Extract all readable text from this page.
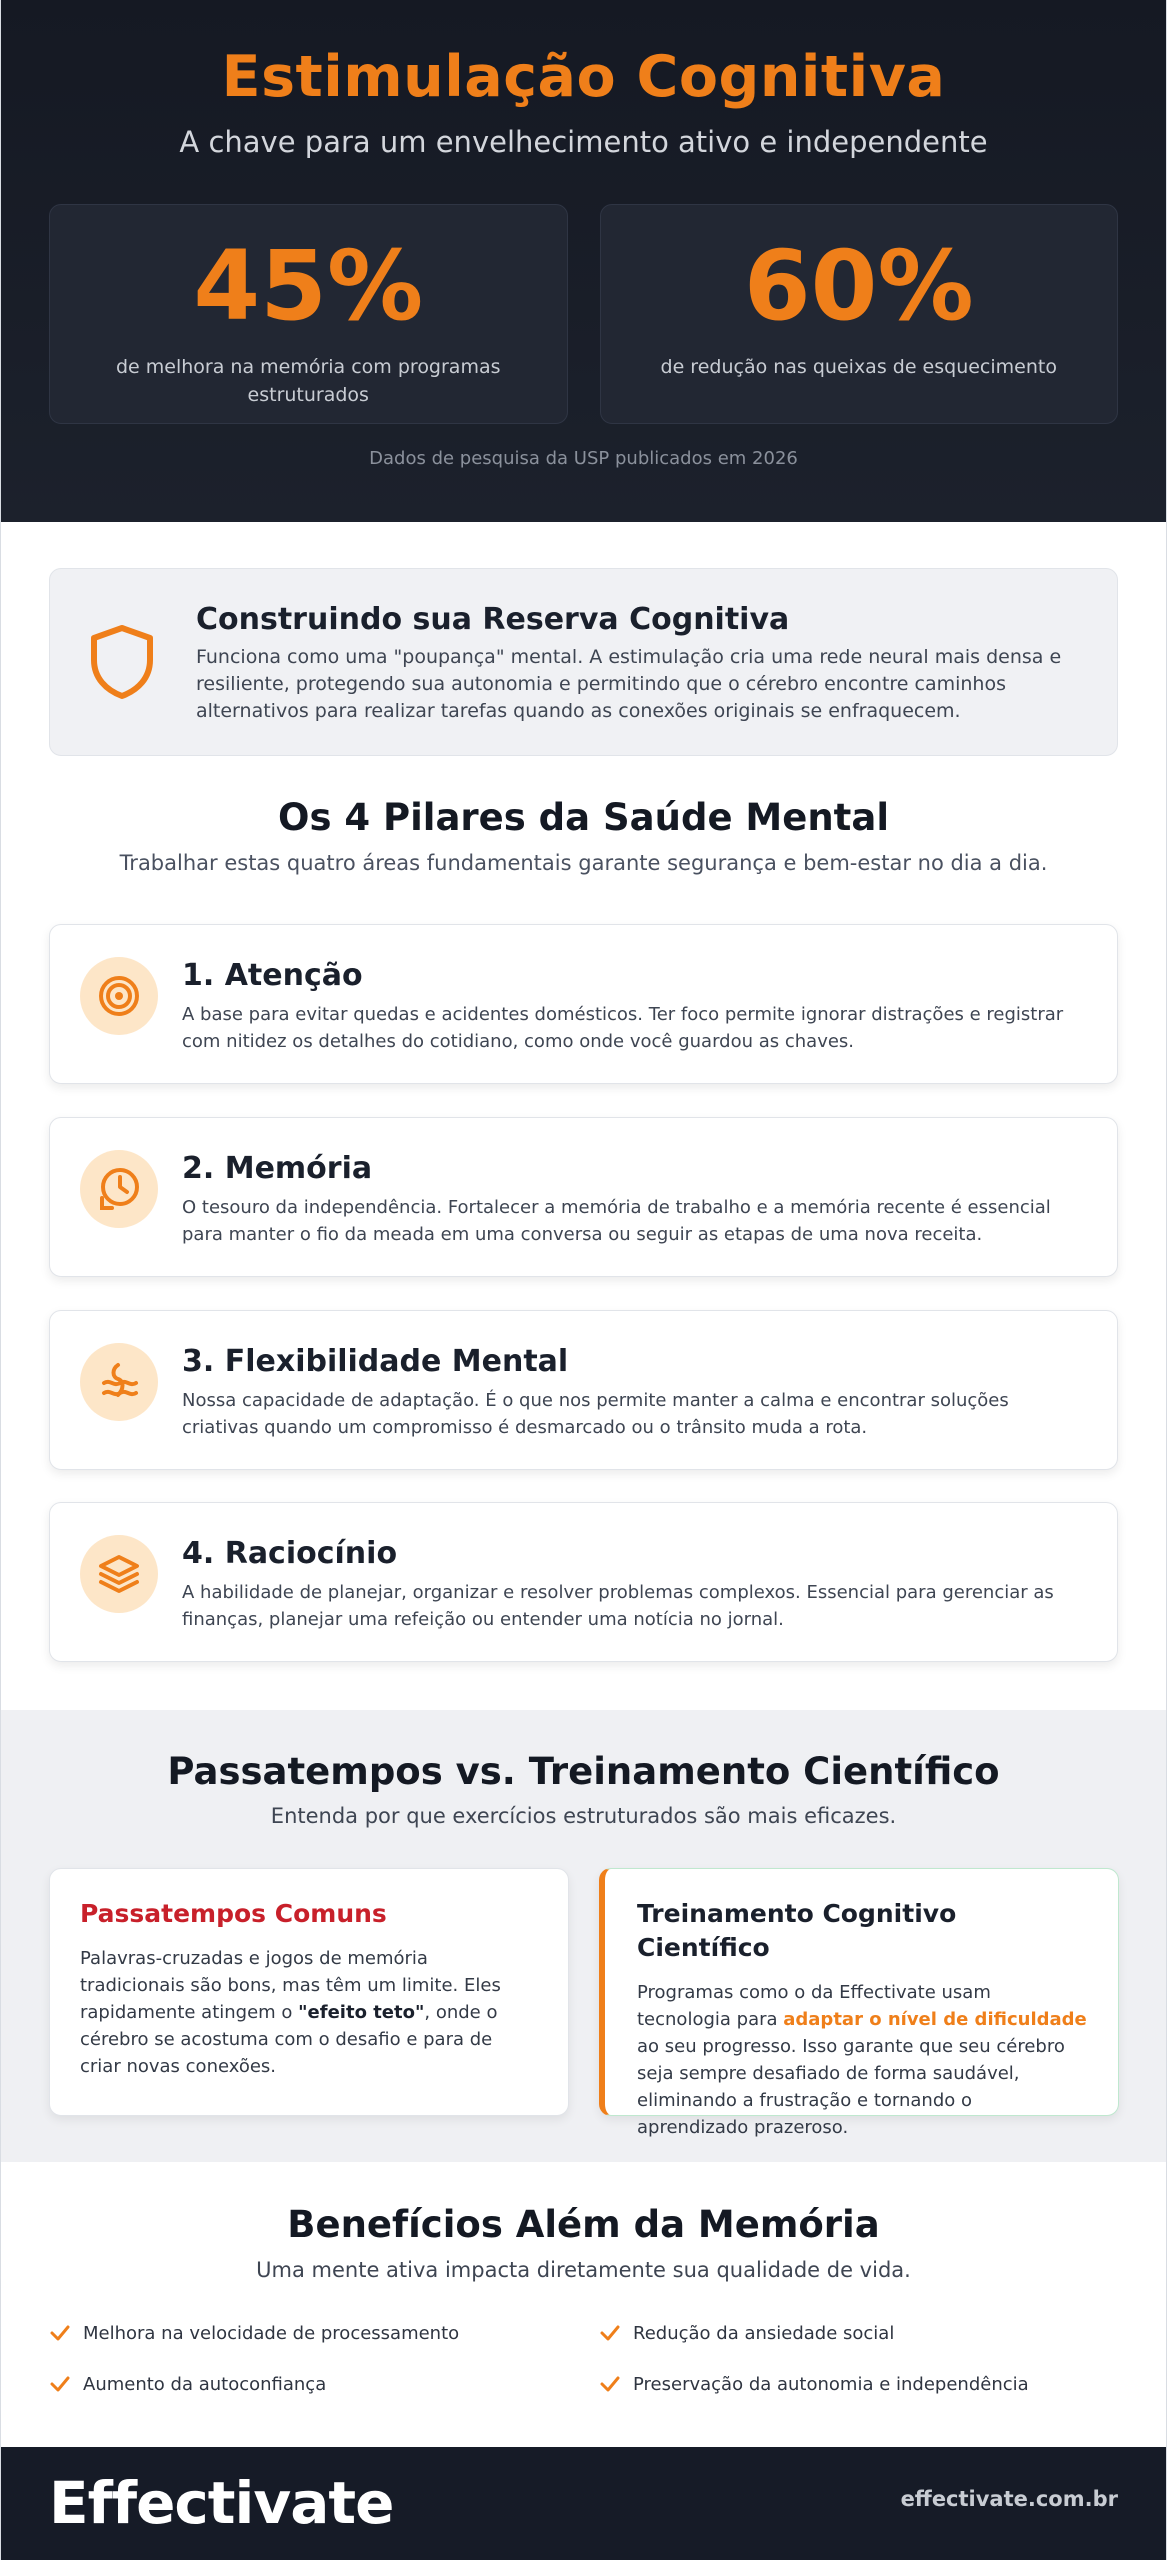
Estimulação Cognitiva

A chave para um envelhecimento ativo e independente

45%
de melhora na memória com programas estruturados
60%
de redução nas queixas de esquecimento

Dados de pesquisa da USP publicados em 2026

Construindo sua Reserva Cognitiva

Funciona como uma "poupança" mental. A estimulação cria uma rede neural mais densa e resiliente, protegendo sua autonomia e permitindo que o cérebro encontre caminhos alternativos para realizar tarefas quando as conexões originais se enfraquecem.

Os 4 Pilares da Saúde Mental

Trabalhar estas quatro áreas fundamentais garante segurança e bem-estar no dia a dia.

1. Atenção

A base para evitar quedas e acidentes domésticos. Ter foco permite ignorar distrações e registrar com nitidez os detalhes do cotidiano, como onde você guardou as chaves.

2. Memória

O tesouro da independência. Fortalecer a memória de trabalho e a memória recente é essencial para manter o fio da meada em uma conversa ou seguir as etapas de uma nova receita.

3. Flexibilidade Mental

Nossa capacidade de adaptação. É o que nos permite manter a calma e encontrar soluções criativas quando um compromisso é desmarcado ou o trânsito muda a rota.

4. Raciocínio

A habilidade de planejar, organizar e resolver problemas complexos. Essencial para gerenciar as finanças, planejar uma refeição ou entender uma notícia no jornal.

Passatempos vs. Treinamento Científico

Entenda por que exercícios estruturados são mais eficazes.

Passatempos Comuns

Palavras-cruzadas e jogos de memória tradicionais são bons, mas têm um limite. Eles rapidamente atingem o "efeito teto", onde o cérebro se acostuma com o desafio e para de criar novas conexões.

Treinamento Cognitivo Científico

Programas como o da Effectivate usam tecnologia para adaptar o nível de dificuldade ao seu progresso. Isso garante que seu cérebro seja sempre desafiado de forma saudável, eliminando a frustração e tornando o aprendizado prazeroso.

Benefícios Além da Memória

Uma mente ativa impacta diretamente sua qualidade de vida.

Melhora na velocidade de processamento	Redução da ansiedade social
Aumento da autoconfiança	Preservação da autonomia e independência
Effectivate	effectivate.com.br
